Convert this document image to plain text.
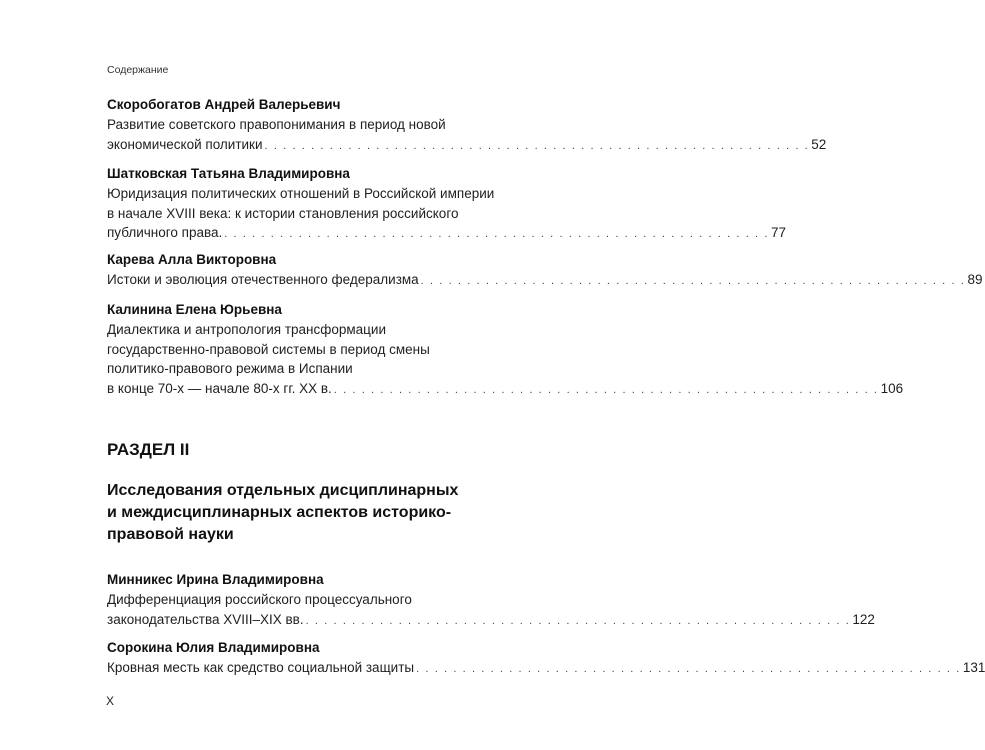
Содержание
Скоробогатов Андрей Валерьевич
Развитие советского правопонимания в период новой
экономической политики . . . . . . . . . . . . . . . . . . . . . . . . . . . . . . . . . . . . . . . . . . . . . . . . . . . . . . . . . . . 52
Шатковская Татьяна Владимировна
Юридизация политических отношений в Российской империи
в начале XVIII века: к истории становления российского
публичного права. . . . . . . . . . . . . . . . . . . . . . . . . . . . . . . . . . . . . . . . . . . . . . . . . . . . . . . . . . . . 77
Карева Алла Викторовна
Истоки и эволюция отечественного федерализма . . . . . . . . . . . . . . . . . . . . . . . . . . . . . . . . . . . . . . . . . . . . . . . . . . . . . . . . . . . 89
Калинина Елена Юрьевна
Диалектика и антропология трансформации
государственно-правовой системы в период смены
политико-правового режима в Испании
в конце 70-х — начале 80-х гг. XX в. . . . . . . . . . . . . . . . . . . . . . . . . . . . . . . . . . . . . . . . . . . . . . . . . . . . . . . . . . . . 106
РАЗДЕЛ II
Исследования отдельных дисциплинарных
и междисциплинарных аспектов историко-
правовой науки
Минникес Ирина Владимировна
Дифференциация российского процессуального
законодательства XVIII–XIX вв. . . . . . . . . . . . . . . . . . . . . . . . . . . . . . . . . . . . . . . . . . . . . . . . . . . . . . . . . . . . 122
Сорокина Юлия Владимировна
Кровная месть как средство социальной защиты . . . . . . . . . . . . . . . . . . . . . . . . . . . . . . . . . . . . . . . . . . . . . . . . . . . . . . . . . . . 131
X
